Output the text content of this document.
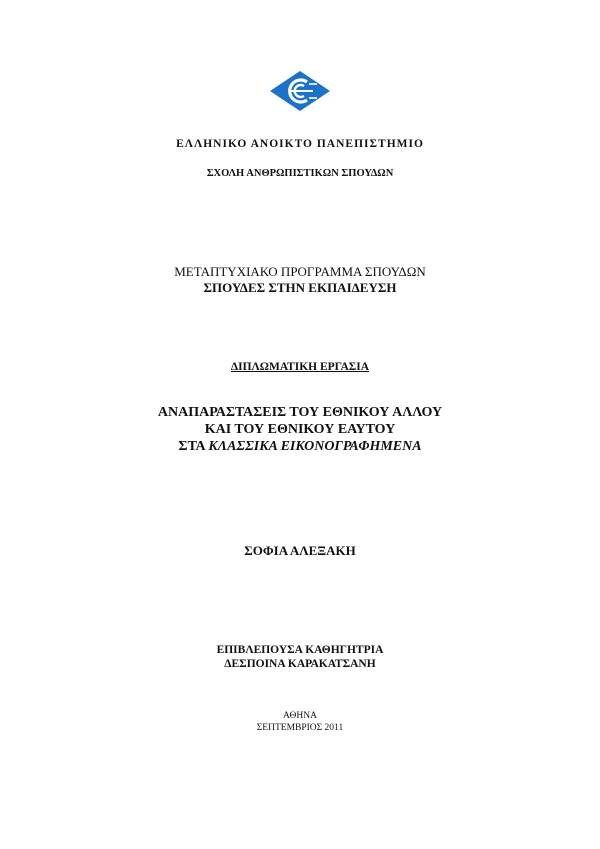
ΕΛΛΗΝΙΚΟ ΑΝΟΙΚΤΟ ΠΑΝΕΠΙΣΤΗΜΙΟ
ΣΧΟΛΗ ΑΝΘΡΩΠΙΣΤΙΚΩΝ ΣΠΟΥΔΩΝ
ΜΕΤΑΠΤΥΧΙΑΚΟ ΠΡΟΓΡΑΜΜΑ ΣΠΟΥΔΩΝ
ΣΠΟΥΔΕΣ ΣΤΗΝ ΕΚΠΑΙΔΕΥΣΗ
ΔΙΠΛΩΜΑΤΙΚΗ ΕΡΓΑΣΙΑ
ΑΝΑΠΑΡΑΣΤΑΣΕΙΣ ΤΟΥ ΕΘΝΙΚΟΥ ΑΛΛΟΥ
ΚΑΙ ΤΟΥ ΕΘΝΙΚΟΥ ΕΑΥΤΟΥ
ΣΤΑ ΚΛΑΣΣΙΚΑ ΕΙΚΟΝΟΓΡΑΦΗΜΕΝΑ
ΣΟΦΙΑ ΑΛΕΞΑΚΗ
ΕΠΙΒΛΕΠΟΥΣΑ ΚΑΘΗΓΗΤΡΙΑ
ΔΕΣΠΟΙΝΑ ΚΑΡΑΚΑΤΣΑΝΗ
ΑΘΗΝΑ
ΣΕΠΤΕΜΒΡΙΟΣ 2011
